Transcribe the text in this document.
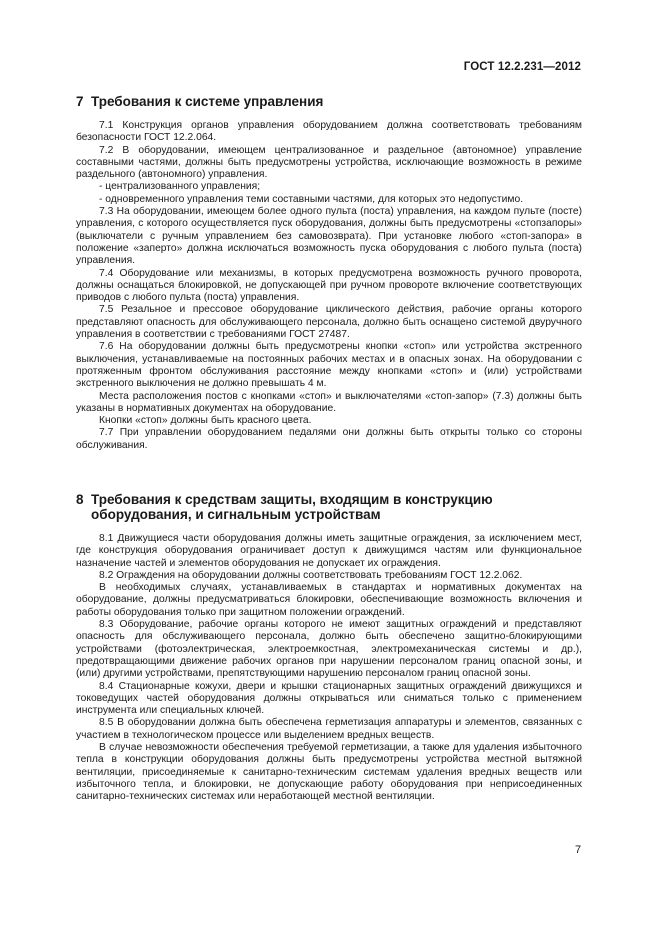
ГОСТ 12.2.231—2012
7 Требования к системе управления

7.1 Конструкция органов управления оборудованием должна соответствовать требованиям безопасности ГОСТ 12.2.064.

7.2 В оборудовании, имеющем централизованное и раздельное (автономное) управление составными частями, должны быть предусмотрены устройства, исключающие возможность в режиме раздельного (автономного) управления.

- централизованного управления;

- одновременного управления теми составными частями, для которых это недопустимо.

7.3 На оборудовании, имеющем более одного пульта (поста) управления, на каждом пульте (посте) управления, с которого осуществляется пуск оборудования, должны быть предусмотрены «стопзапоры» (выключатели с ручным управлением без самовозврата). При установке любого «стоп-запора» в положение «заперто» должна исключаться возможность пуска оборудования с любого пульта (поста) управления.

7.4 Оборудование или механизмы, в которых предусмотрена возможность ручного проворота, должны оснащаться блокировкой, не допускающей при ручном провороте включение соответствующих приводов с любого пульта (поста) управления.

7.5 Резальное и прессовое оборудование циклического действия, рабочие органы которого представляют опасность для обслуживающего персонала, должно быть оснащено системой двуручного управления в соответствии с требованиями ГОСТ 27487.

7.6 На оборудовании должны быть предусмотрены кнопки «стоп» или устройства экстренного выключения, устанавливаемые на постоянных рабочих местах и в опасных зонах. На оборудовании с протяженным фронтом обслуживания расстояние между кнопками «стоп» и (или) устройствами экстренного выключения не должно превышать 4 м.

Места расположения постов с кнопками «стоп» и выключателями «стоп-запор» (7.3) должны быть указаны в нормативных документах на оборудование.

Кнопки «стоп» должны быть красного цвета.

7.7 При управлении оборудованием педалями они должны быть открыты только со стороны обслуживания.

8 Требования к средствам защиты, входящим в конструкцию
оборудования, и сигнальным устройствам

8.1 Движущиеся части оборудования должны иметь защитные ограждения, за исключением мест, где конструкция оборудования ограничивает доступ к движущимся частям или функциональное назначение частей и элементов оборудования не допускает их ограждения.

8.2 Ограждения на оборудовании должны соответствовать требованиям ГОСТ 12.2.062.

В необходимых случаях, устанавливаемых в стандартах и нормативных документах на оборудование, должны предусматриваться блокировки, обеспечивающие возможность включения и работы оборудования только при защитном положении ограждений.

8.3 Оборудование, рабочие органы которого не имеют защитных ограждений и представляют опасность для обслуживающего персонала, должно быть обеспечено защитно-блокирующими устройствами (фотоэлектрическая, электроемкостная, электромеханическая системы и др.), предотвращающими движение рабочих органов при нарушении персоналом границ опасной зоны, и (или) другими устройствами, препятствующими нарушению персоналом границ опасной зоны.

8.4 Стационарные кожухи, двери и крышки стационарных защитных ограждений движущихся и токоведущих частей оборудования должны открываться или сниматься только с применением инструмента или специальных ключей.

8.5 В оборудовании должна быть обеспечена герметизация аппаратуры и элементов, связанных с участием в технологическом процессе или выделением вредных веществ.

В случае невозможности обеспечения требуемой герметизации, а также для удаления избыточного тепла в конструкции оборудования должны быть предусмотрены устройства местной вытяжной вентиляции, присоединяемые к санитарно-техническим системам удаления вредных веществ или избыточного тепла, и блокировки, не допускающие работу оборудования при неприсоединенных санитарно-технических системах или неработающей местной вентиляции.

7
